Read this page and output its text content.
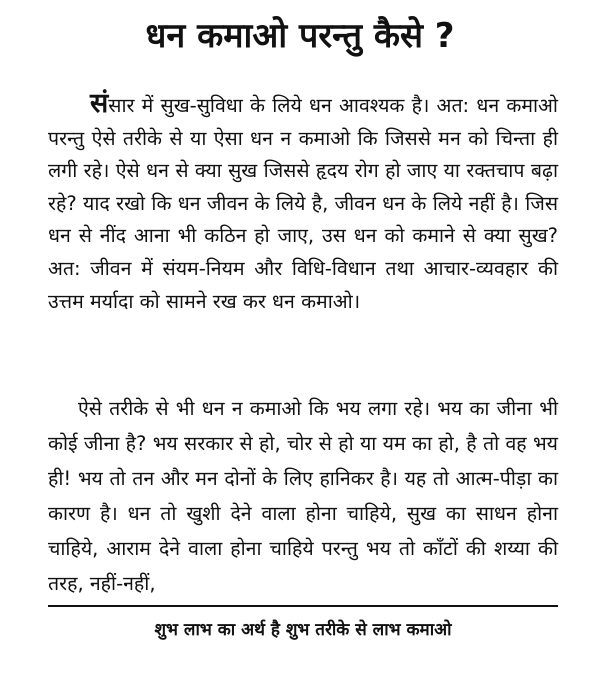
धन कमाओ परन्तु कैसे ?

संसार में सुख-सुविधा के लिये धन आवश्यक है। अत: धन कमाओ परन्तु ऐसे तरीके से या ऐसा धन न कमाओ कि जिससे मन को चिन्ता ही लगी रहे। ऐसे धन से क्या सुख जिससे हृदय रोग हो जाए या रक्तचाप बढ़ा रहे? याद रखो कि धन जीवन के लिये है, जीवन धन के लिये नहीं है। जिस धन से नींद आना भी कठिन हो जाए, उस धन को कमाने से क्या सुख? अत: जीवन में संयम-नियम और विधि-विधान तथा आचार-व्यवहार की उत्तम मर्यादा को सामने रख कर धन कमाओ।

ऐसे तरीके से भी धन न कमाओ कि भय लगा रहे। भय का जीना भी कोई जीना है? भय सरकार से हो, चोर से हो या यम का हो, है तो वह भय ही! भय तो तन और मन दोनों के लिए हानिकर है। यह तो आत्म-पीड़ा का कारण है। धन तो खुशी देने वाला होना चाहिये, सुख का साधन होना चाहिये, आराम देने वाला होना चाहिये परन्तु भय तो काँटों की शय्या की तरह, नहीं-नहीं,

शुभ लाभ का अर्थ है शुभ तरीके से लाभ कमाओ
